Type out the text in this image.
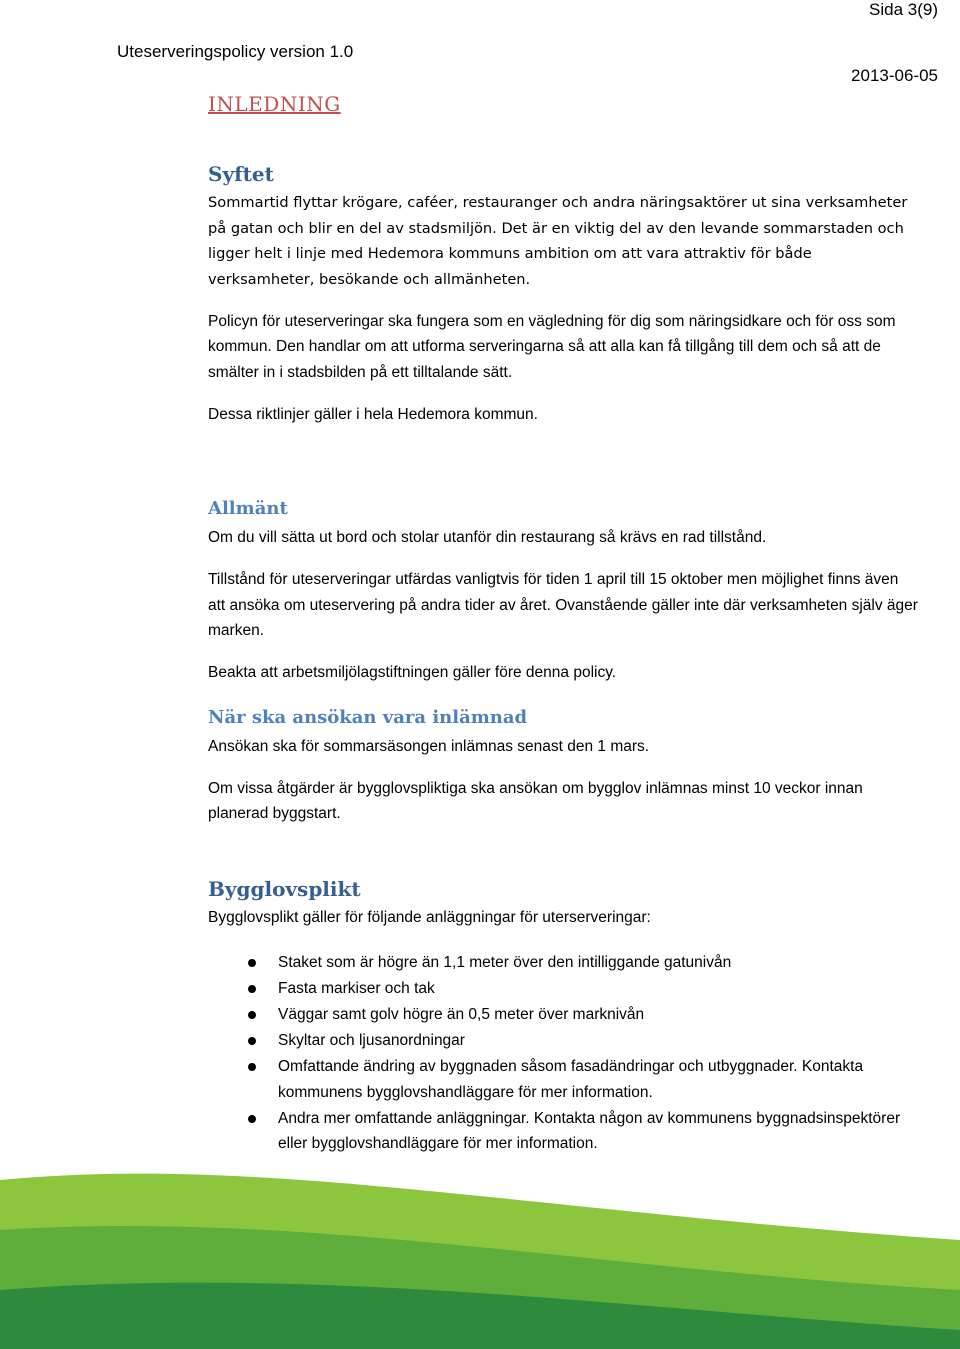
Sida 3(9)
Uteserveringspolicy version 1.0
2013-06-05
INLEDNING
Syftet

Sommartid flyttar krögare, caféer, restauranger och andra näringsaktörer ut sina verksamheter på gatan och blir en del av stadsmiljön. Det är en viktig del av den levande sommarstaden och ligger helt i linje med Hedemora kommuns ambition om att vara attraktiv för både verksamheter, besökande och allmänheten.

Policyn för uteserveringar ska fungera som en vägledning för dig som näringsidkare och för oss som kommun. Den handlar om att utforma serveringarna så att alla kan få tillgång till dem och så att de smälter in i stadsbilden på ett tilltalande sätt.

Dessa riktlinjer gäller i hela Hedemora kommun.

Allmänt

Om du vill sätta ut bord och stolar utanför din restaurang så krävs en rad tillstånd.

Tillstånd för uteserveringar utfärdas vanligtvis för tiden 1 april till 15 oktober men möjlighet finns även att ansöka om uteservering på andra tider av året. Ovanstående gäller inte där verksamheten själv äger marken.

Beakta att arbetsmiljölagstiftningen gäller före denna policy.

När ska ansökan vara inlämnad

Ansökan ska för sommarsäsongen inlämnas senast den 1 mars.

Om vissa åtgärder är bygglovspliktiga ska ansökan om bygglov inlämnas minst 10 veckor innan planerad byggstart.

Bygglovsplikt

Bygglovsplikt gäller för följande anläggningar för uterserveringar:

Staket som är högre än 1,1 meter över den intilliggande gatunivån
Fasta markiser och tak
Väggar samt golv högre än 0,5 meter över marknivån
Skyltar och ljusanordningar
Omfattande ändring av byggnaden såsom fasadändringar och utbyggnader. Kontakta kommunens bygglovshandläggare för mer information.
Andra mer omfattande anläggningar. Kontakta någon av kommunens byggnadsinspektörer eller bygglovshandläggare för mer information.
